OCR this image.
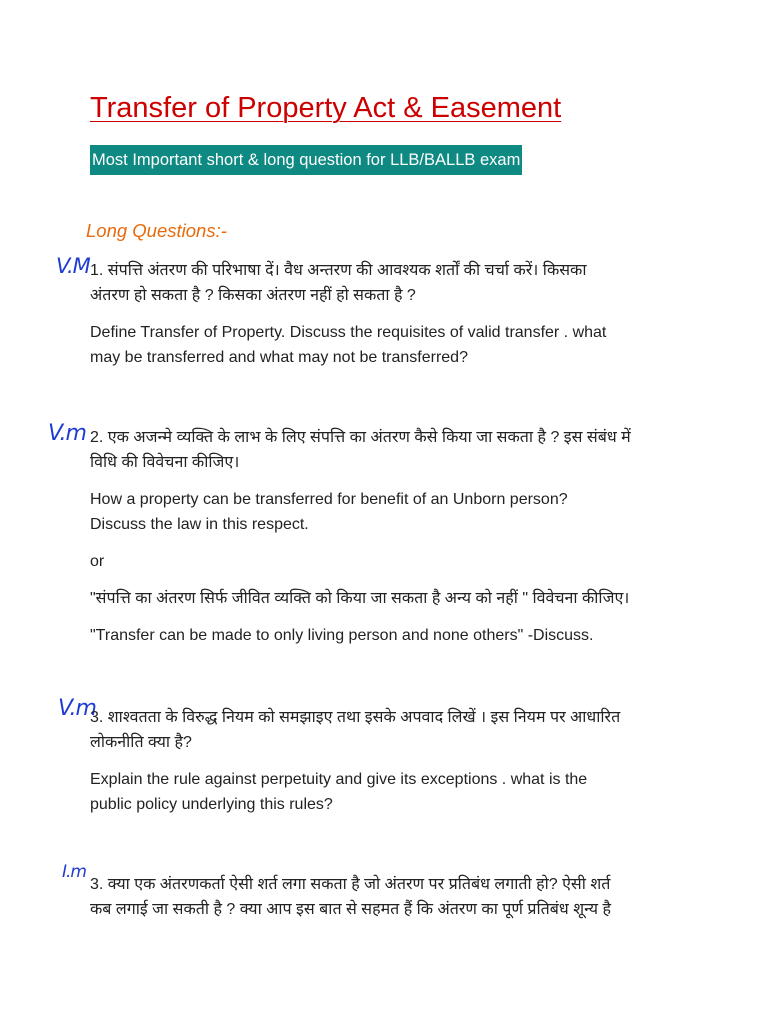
Transfer of Property Act & Easement
Most Important short & long question for LLB/BALLB exam
Long Questions:-
V.M 1. संपत्ति अंतरण की परिभाषा दें। वैध अन्तरण की आवश्यक शर्तों की चर्चा करें। किसका
अंतरण हो सकता है ? किसका अंतरण नहीं हो सकता है ?
Define Transfer of Property. Discuss the requisites of valid transfer . what
may be transferred and what may not be transferred?
V.m 2. एक अजन्मे व्यक्ति के लाभ के लिए संपत्ति का अंतरण कैसे किया जा सकता है ? इस संबंध में
विधि की विवेचना कीजिए।
How a property can be transferred for benefit of an Unborn person?
Discuss the law in this respect.
or
"संपत्ति का अंतरण सिर्फ जीवित व्यक्ति को किया जा सकता है अन्य को नहीं " विवेचना कीजिए।
"Transfer can be made to only living person and none others" -Discuss.
V.m
3. शाश्वतता के विरुद्ध नियम को समझाइए तथा इसके अपवाद लिखें । इस नियम पर आधारित
लोकनीति क्या है?
Explain the rule against perpetuity and give its exceptions . what is the
public policy underlying this rules?
I.m
3. क्या एक अंतरणकर्ता ऐसी शर्त लगा सकता है जो अंतरण पर प्रतिबंध लगाती हो? ऐसी शर्त
कब लगाई जा सकती है ? क्या आप इस बात से सहमत हैं कि अंतरण का पूर्ण प्रतिबंध शून्य है
